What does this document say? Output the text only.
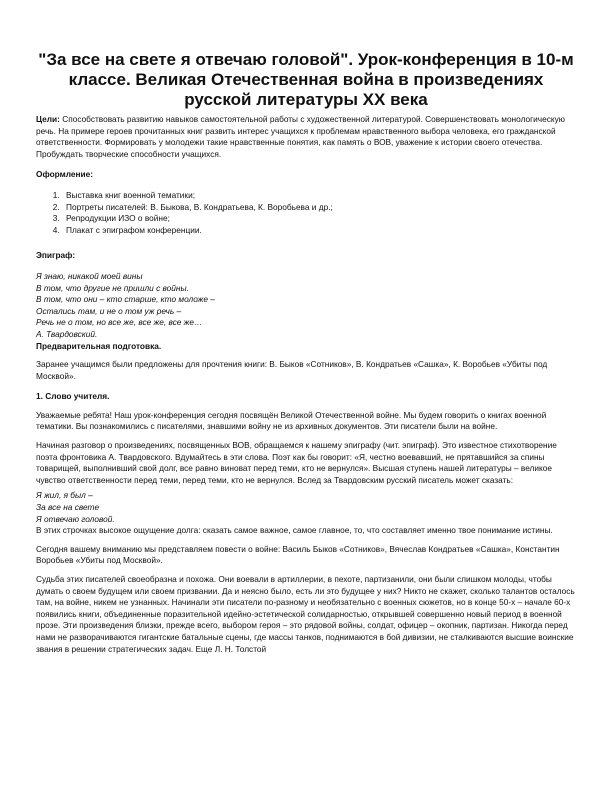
"За все на свете я отвечаю головой". Урок-конференция в 10-м классе. Великая Отечественная война в произведениях русской литературы XX века

Цели: Способствовать развитию навыков самостоятельной работы с художественной литературой. Совершенствовать монологическую речь. На примере героев прочитанных книг развить интерес учащихся к проблемам нравственного выбора человека, его гражданской ответственности. Формировать у молодежи такие нравственные понятия, как память о ВОВ, уважение к истории своего отечества. Пробуждать творческие способности учащихся.

Оформление:

1. Выставка книг военной тематики;
2. Портреты писателей: В. Быкова, В. Кондратьева, К. Воробьева и др.;
3. Репродукции ИЗО о войне;
4. Плакат с эпиграфом конференции.

Эпиграф:

Я знаю, никакой моей вины

В том, что другие не пришли с войны.

В том, что они – кто старше, кто моложе –

Остались там, и не о том уж речь –

Речь не о том, но все же, все же, все же…

А. Твардовский.

Предварительная подготовка.

Заранее учащимся были предложены для прочтения книги: В. Быков «Сотников», В. Кондратьев «Сашка», К. Воробьев «Убиты под Москвой».

1. Слово учителя.

Уважаемые ребята! Наш урок-конференция сегодня посвящён Великой Отечественной войне. Мы будем говорить о книгах военной тематики. Вы познакомились с писателями, знавшими войну не из архивных документов. Эти писатели были на войне.

Начиная разговор о произведениях, посвященных ВОВ, обращаемся к нашему эпиграфу (чит. эпиграф). Это известное стихотворение поэта фронтовика А. Твардовского. Вдумайтесь в эти слова. Поэт как бы говорит: «Я, честно воевавший, не прятавшийся за спины товарищей, выполнивший свой долг, все равно виноват перед теми, кто не вернулся». Высшая ступень нашей литературы – великое чувство ответственности перед теми, перед теми, кто не вернулся. Вслед за Твардовским русский писатель может сказать:

Я жил, я был –

За все на свете

Я отвечаю головой.

В этих строчках высокое ощущение долга: сказать самое важное, самое главное, то, что составляет именно твое понимание истины.

Сегодня вашему вниманию мы представляем повести о войне: Василь Быков «Сотников», Вячеслав Кондратьев «Сашка», Константин Воробьев «Убиты под Москвой».

Судьба этих писателей своеобразна и похожа. Они воевали в артиллерии, в пехоте, партизанили, они были слишком молоды, чтобы думать о своем будущем или своем призвании. Да и неясно было, есть ли это будущее у них? Никто не скажет, сколько талантов осталось там, на войне, никем не узнанных. Начинали эти писатели по-разному и необязательно с военных сюжетов, но в конце 50-х – начале 60-х появились книги, объединенные поразительной идейно-эстетической солидарностью, открывшей совершенно новый период в военной прозе. Эти произведения близки, прежде всего, выбором героя – это рядовой войны, солдат, офицер – окопник, партизан. Никогда перед нами не разворачиваются гигантские батальные сцены, где массы танков, поднимаются в бой дивизии, не сталкиваются высшие воинские звания в решении стратегических задач. Еще Л. Н. Толстой
